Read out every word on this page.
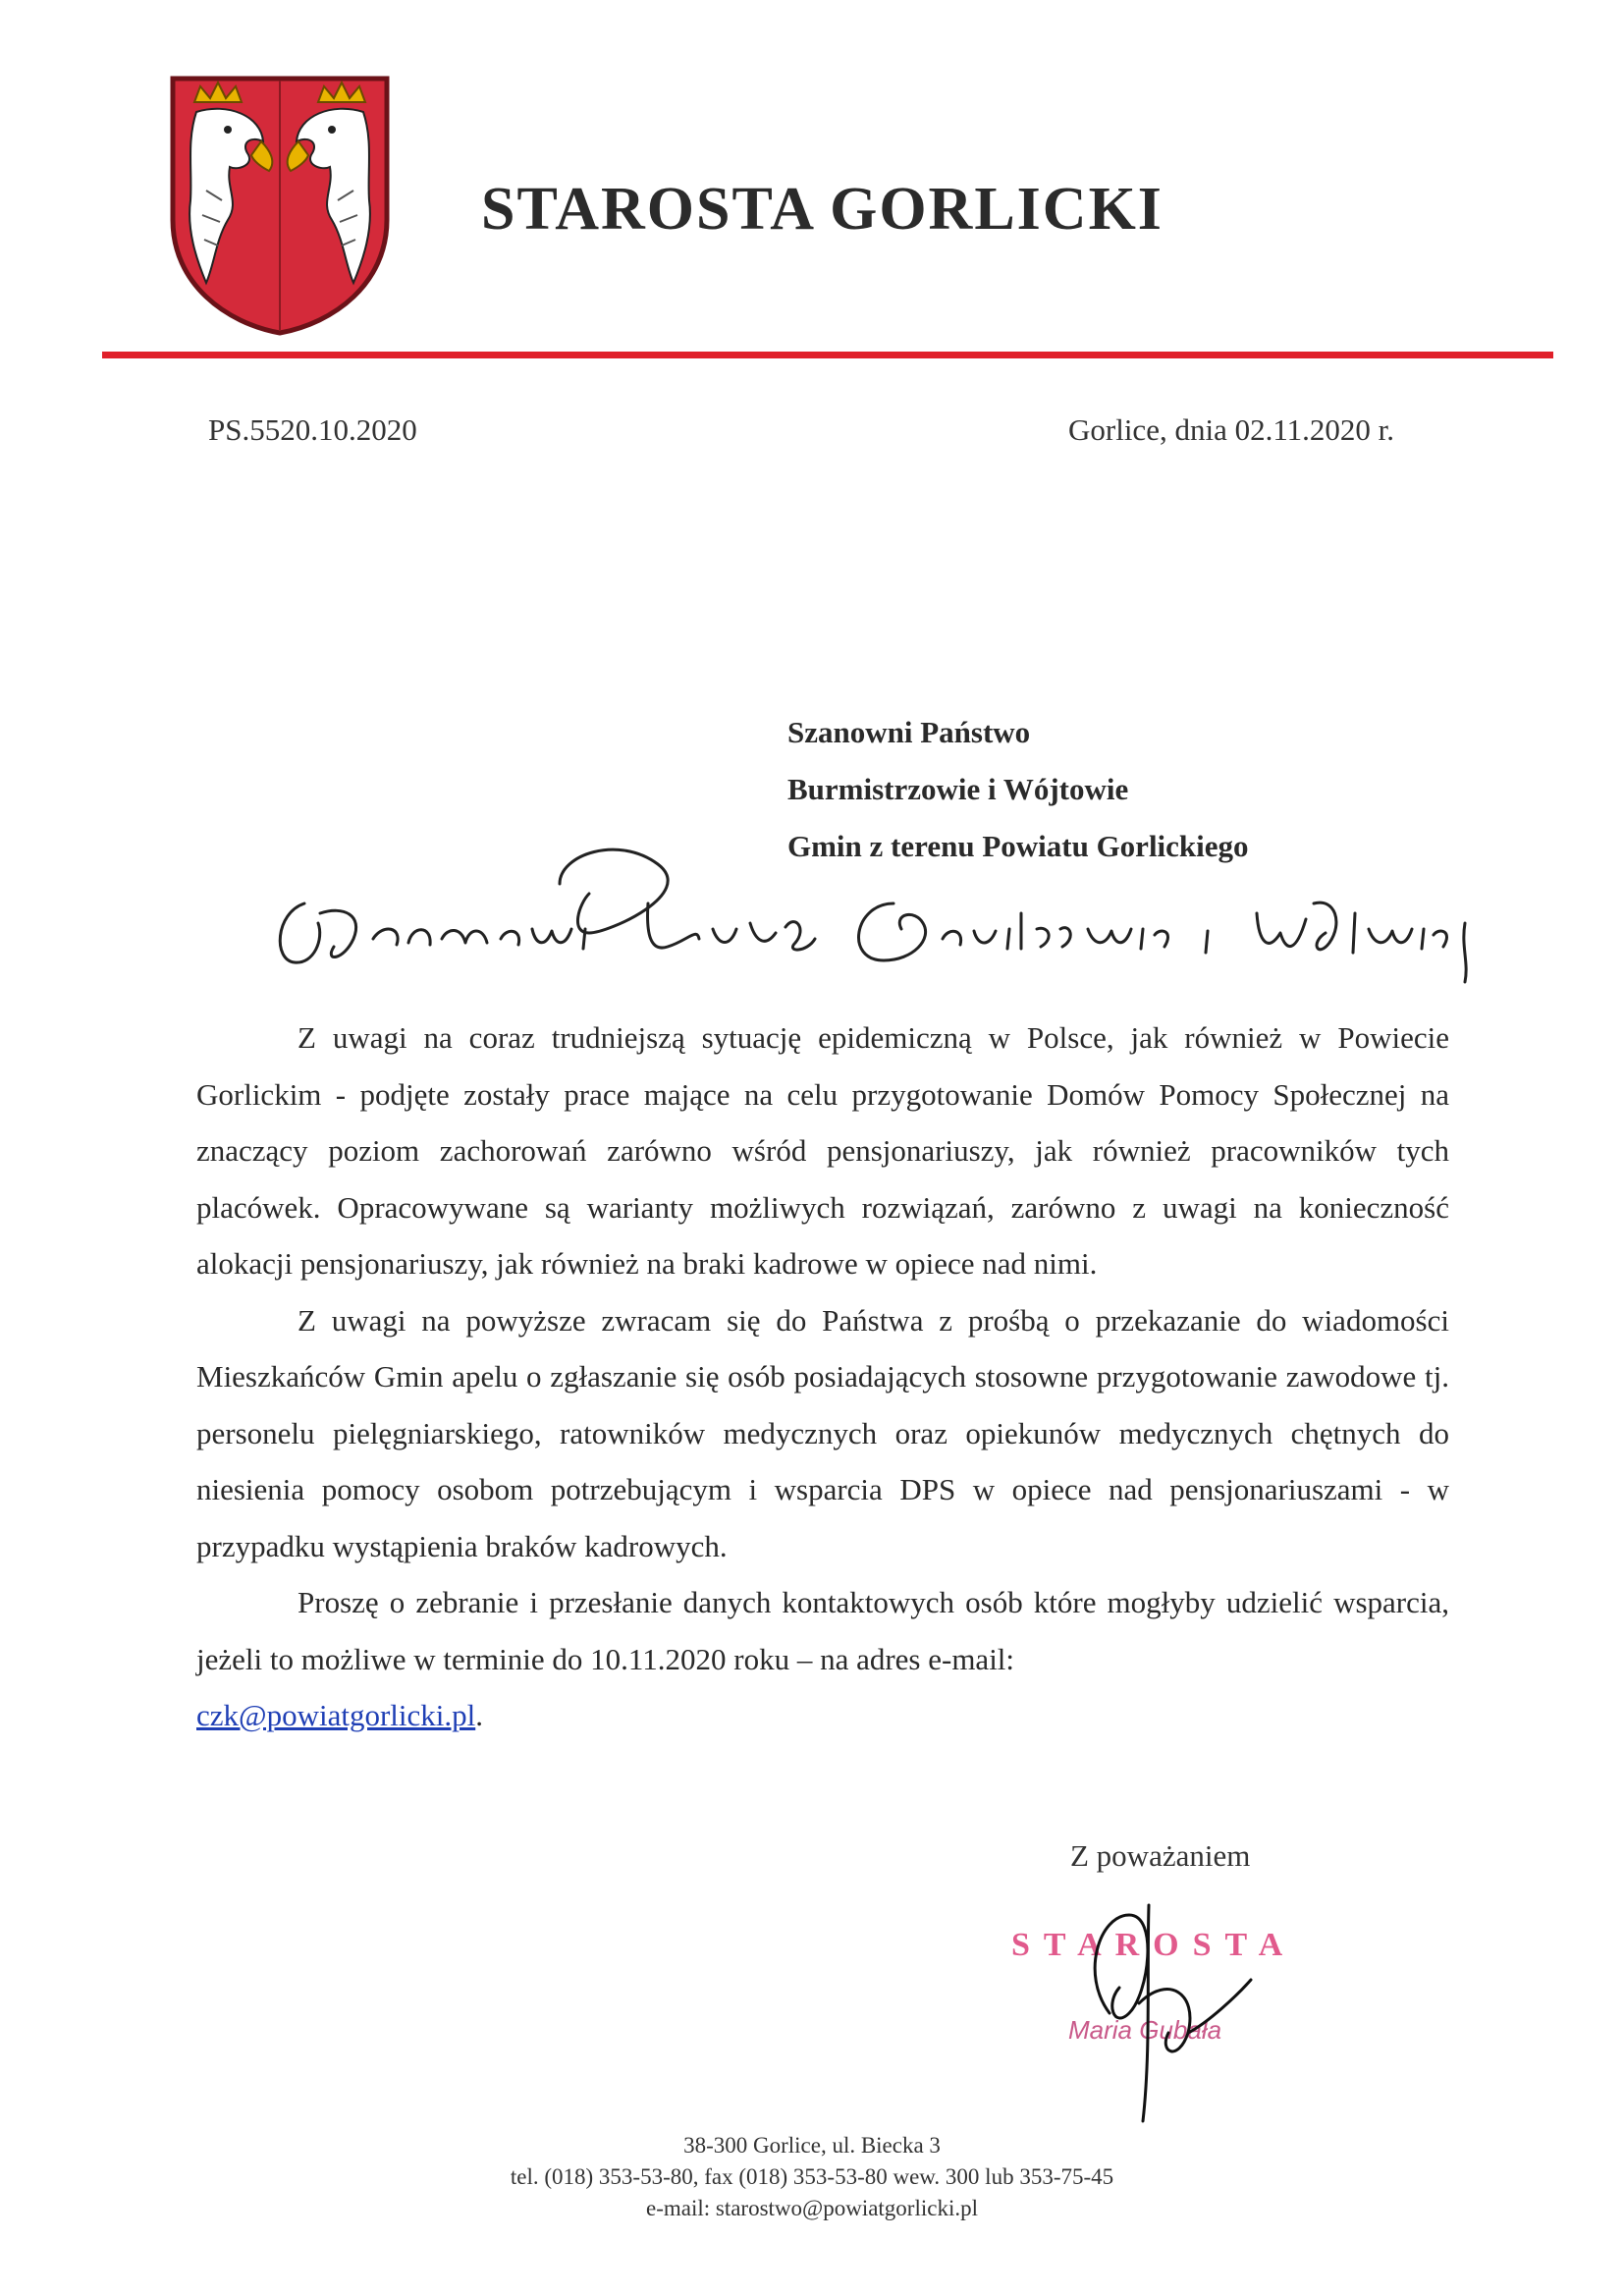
STAROSTA GORLICKI
PS.5520.10.2020	Gorlice, dnia 02.11.2020 r.
Szanowni Państwo
Burmistrzowie i Wójtowie
Gmin z terenu Powiatu Gorlickiego

Z uwagi na coraz trudniejszą sytuację epidemiczną w Polsce, jak również w Powiecie Gorlickim - podjęte zostały prace mające na celu przygotowanie Domów Pomocy Społecznej na znaczący poziom zachorowań zarówno wśród pensjonariuszy, jak również pracowników tych placówek. Opracowywane są warianty możliwych rozwiązań, zarówno z uwagi na konieczność alokacji pensjonariuszy, jak również na braki kadrowe w opiece nad nimi.

Z uwagi na powyższe zwracam się do Państwa z prośbą o przekazanie do wiadomości Mieszkańców Gmin apelu o zgłaszanie się osób posiadających stosowne przygotowanie zawodowe tj. personelu pielęgniarskiego, ratowników medycznych oraz opiekunów medycznych chętnych do niesienia pomocy osobom potrzebującym i wsparcia DPS w opiece nad pensjonariuszami - w przypadku wystąpienia braków kadrowych.

Proszę o zebranie i przesłanie danych kontaktowych osób które mogłyby udzielić wsparcia, jeżeli to możliwe w terminie do 10.11.2020 roku – na adres e-mail:

czk@powiatgorlicki.pl.
Z poważaniem
STAROSTA
Maria Gubała
38-300 Gorlice, ul. Biecka 3
tel. (018) 353-53-80, fax (018) 353-53-80 wew. 300 lub 353-75-45
e-mail: starostwo@powiatgorlicki.pl
